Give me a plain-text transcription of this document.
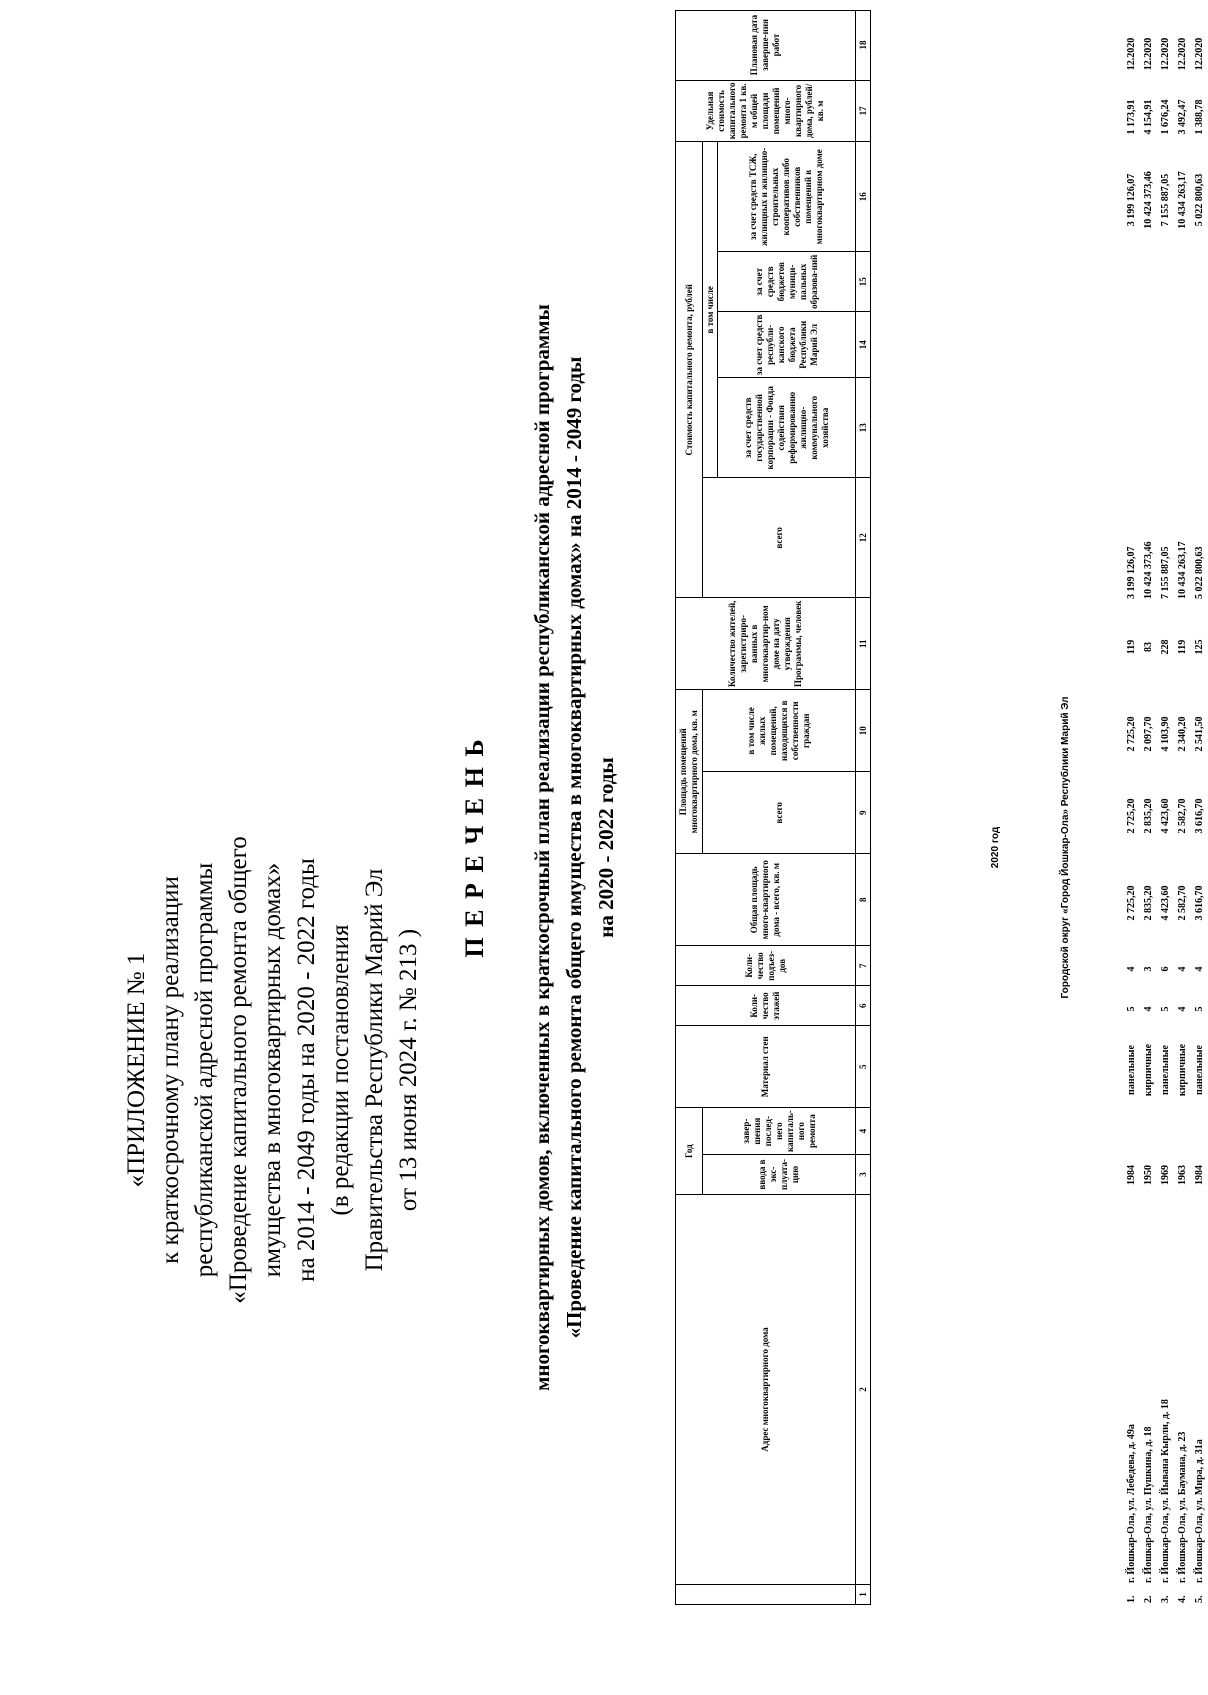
«ПРИЛОЖЕНИЕ № 1 к краткосрочному плану реализации республиканской адресной программы «Проведение капитального ремонта общего имущества в многоквартирных домах» на 2014 - 2049 годы на 2020 - 2022 годы (в редакции постановления Правительства Республики Марий Эл от 13 июня 2024 г. № 213 )
П Е Р Е Ч Е Н Ь многоквартирных домов, включенных в краткосрочный план реализации республиканской адресной программы «Проведение капитального ремонта общего имущества в многоквартирных домах» на 2014 - 2049 годы на 2020 - 2022 годы
	Адрес многоквартирного дома	Год		Материал стен	Коли-чество этажей	Коли-чество подъез-дов	Общая площадь много-квартирного дома - всего, кв. м	Площадь помещений многоквартирного дома, кв. м		Количество жителей, зарегистриро-ванных в многоквартир-ном доме на дату утверждения Программы, человек	Стоимость капитального ремонта, рублей					Удельная стоимость капитального ремонта 1 кв. м общей площади помещений много-квартирного дома, рублей/кв. м	Плановая дата заверше-ния работ
		ввода в экс-плуата-цию	завер-шения послед-него капиталь-ного ремонта					всего	в том числе жилых помещений, находящихся в собственности граждан		всего	в том числе					
												за счет средств государственной корпорации - Фонда содействия реформированию жилищно-коммунального хозяйства	за счет средств республи-канского бюджета Республики Марий Эл	за счет средств бюджетов муници-пальных образова-ний	за счет средств ТСЖ, жилищных и жилищно-строительных кооперативов либо собственников помещений в многоквартирном доме		
1	2	3	4	5	6	7	8	9	10	11	12	13	14	15	16	17	18
2020 год	Городской округ «Город Йошкар-Ола» Республики Марий Эл
1.	г. Йошкар-Ола, ул. Лебедева, д. 49а	1984		панельные	5	4	2 725,20	2 725,20	2 725,20	119	3 199 126,07				3 199 126,07	1 173,91	12.2020
2.	г. Йошкар-Ола, ул. Пушкина, д. 18	1950		кирпичные	4	3	2 835,20	2 835,20	2 097,70	83	10 424 373,46				10 424 373,46	4 154,91	12.2020
3.	г. Йошкар-Ола, ул. Йывана Кырли, д. 18	1969		панельные	5	6	4 423,60	4 423,60	4 103,90	228	7 155 887,05				7 155 887,05	1 676,24	12.2020
4.	г. Йошкар-Ола, ул. Баумана, д. 23	1963		кирпичные	4	4	2 582,70	2 582,70	2 340,20	119	10 434 263,17				10 434 263,17	3 492,47	12.2020
5.	г. Йошкар-Ола, ул. Мира, д. 31а	1984		панельные	5	4	3 616,70	3 616,70	2 541,50	125	5 022 800,63				5 022 800,63	1 388,78	12.2020
